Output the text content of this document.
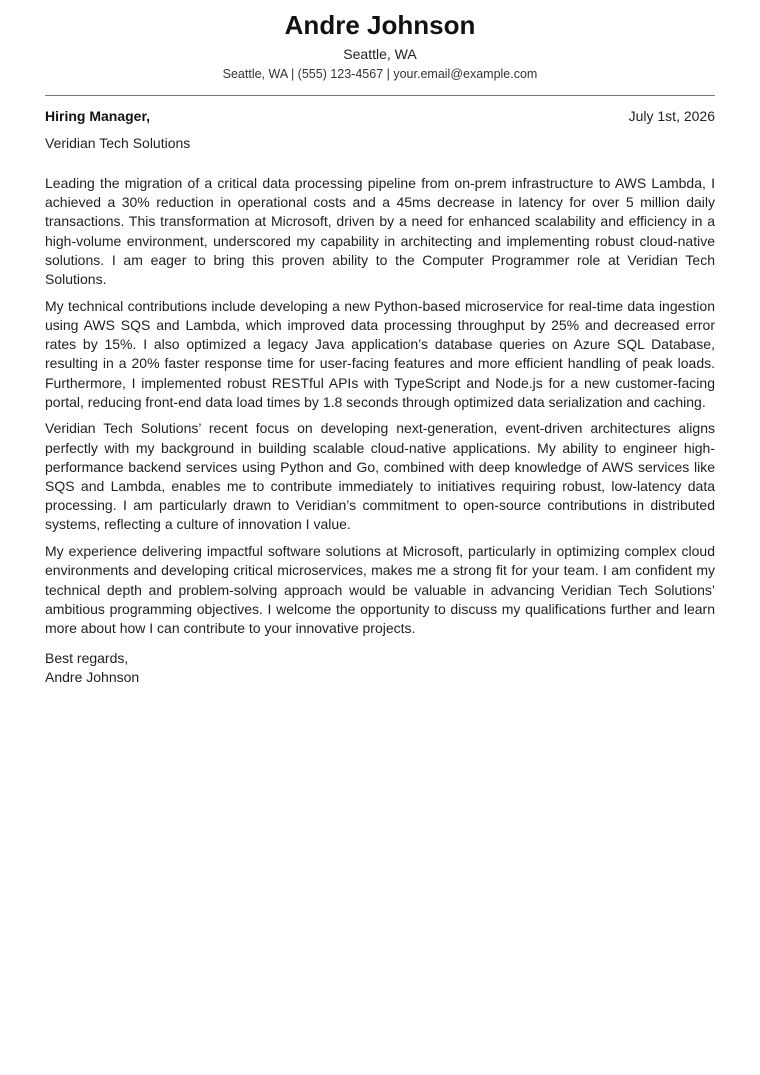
Andre Johnson
Seattle, WA
Seattle, WA | (555) 123-4567 | your.email@example.com
Hiring Manager,	July 1st, 2026
Veridian Tech Solutions

Leading the migration of a critical data processing pipeline from on-prem infrastructure to AWS Lambda, I achieved a 30% reduction in operational costs and a 45ms decrease in latency for over 5 million daily transactions. This transformation at Microsoft, driven by a need for enhanced scalability and efficiency in a high-volume environment, underscored my capability in architecting and implementing robust cloud-native solutions. I am eager to bring this proven ability to the Computer Programmer role at Veridian Tech Solutions.

My technical contributions include developing a new Python-based microservice for real-time data ingestion using AWS SQS and Lambda, which improved data processing throughput by 25% and decreased error rates by 15%. I also optimized a legacy Java application’s database queries on Azure SQL Database, resulting in a 20% faster response time for user-facing features and more efficient handling of peak loads. Furthermore, I implemented robust RESTful APIs with TypeScript and Node.js for a new customer-facing portal, reducing front-end data load times by 1.8 seconds through optimized data serialization and caching.

Veridian Tech Solutions’ recent focus on developing next-generation, event-driven architectures aligns perfectly with my background in building scalable cloud-native applications. My ability to engineer high-performance backend services using Python and Go, combined with deep knowledge of AWS services like SQS and Lambda, enables me to contribute immediately to initiatives requiring robust, low-latency data processing. I am particularly drawn to Veridian’s commitment to open-source contributions in distributed systems, reflecting a culture of innovation I value.

My experience delivering impactful software solutions at Microsoft, particularly in optimizing complex cloud environments and developing critical microservices, makes me a strong fit for your team. I am confident my technical depth and problem-solving approach would be valuable in advancing Veridian Tech Solutions’ ambitious programming objectives. I welcome the opportunity to discuss my qualifications further and learn more about how I can contribute to your innovative projects.

Best regards,
Andre Johnson
